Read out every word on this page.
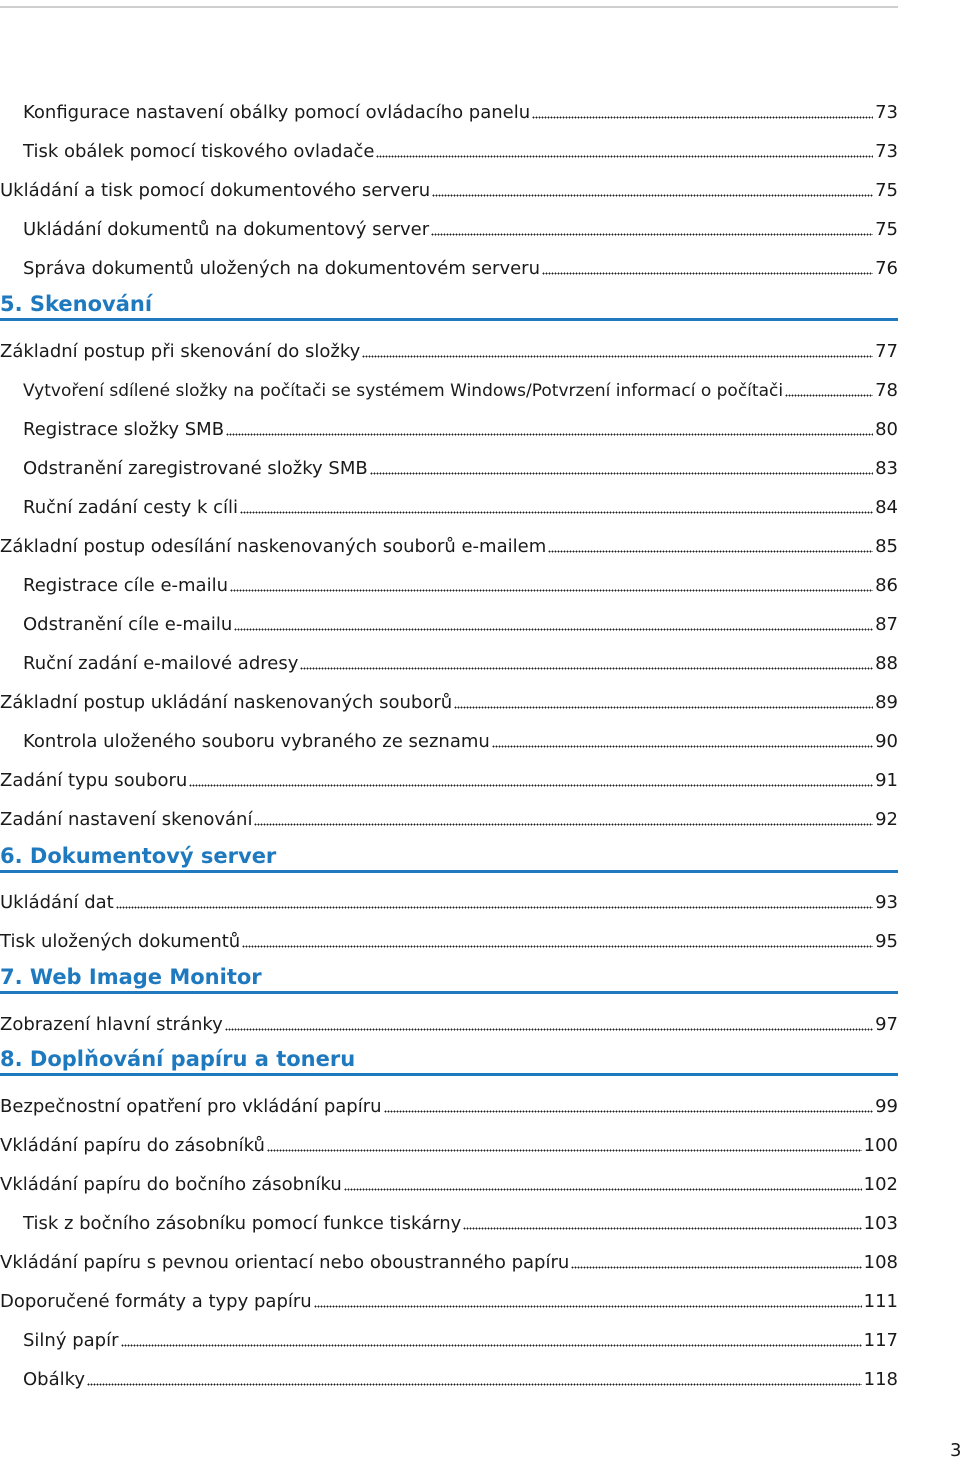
Konfigurace nastavení obálky pomocí ovládacího panelu	73
Tisk obálek pomocí tiskového ovladače	73
Ukládání a tisk pomocí dokumentového serveru	75
Ukládání dokumentů na dokumentový server	75
Správa dokumentů uložených na dokumentovém serveru	76
5. Skenování
Základní postup při skenování do složky	77
Vytvoření sdílené složky na počítači se systémem Windows/Potvrzení informací o počítači	78
Registrace složky SMB	80
Odstranění zaregistrované složky SMB	83
Ruční zadání cesty k cíli	84
Základní postup odesílání naskenovaných souborů e-mailem	85
Registrace cíle e-mailu	86
Odstranění cíle e-mailu	87
Ruční zadání e-mailové adresy	88
Základní postup ukládání naskenovaných souborů	89
Kontrola uloženého souboru vybraného ze seznamu	90
Zadání typu souboru	91
Zadání nastavení skenování	92
6. Dokumentový server
Ukládání dat	93
Tisk uložených dokumentů	95
7. Web Image Monitor
Zobrazení hlavní stránky	97
8. Doplňování papíru a toneru
Bezpečnostní opatření pro vkládání papíru	99
Vkládání papíru do zásobníků	100
Vkládání papíru do bočního zásobníku	102
Tisk z bočního zásobníku pomocí funkce tiskárny	103
Vkládání papíru s pevnou orientací nebo oboustranného papíru	108
Doporučené formáty a typy papíru	111
Silný papír	117
Obálky	118
3
